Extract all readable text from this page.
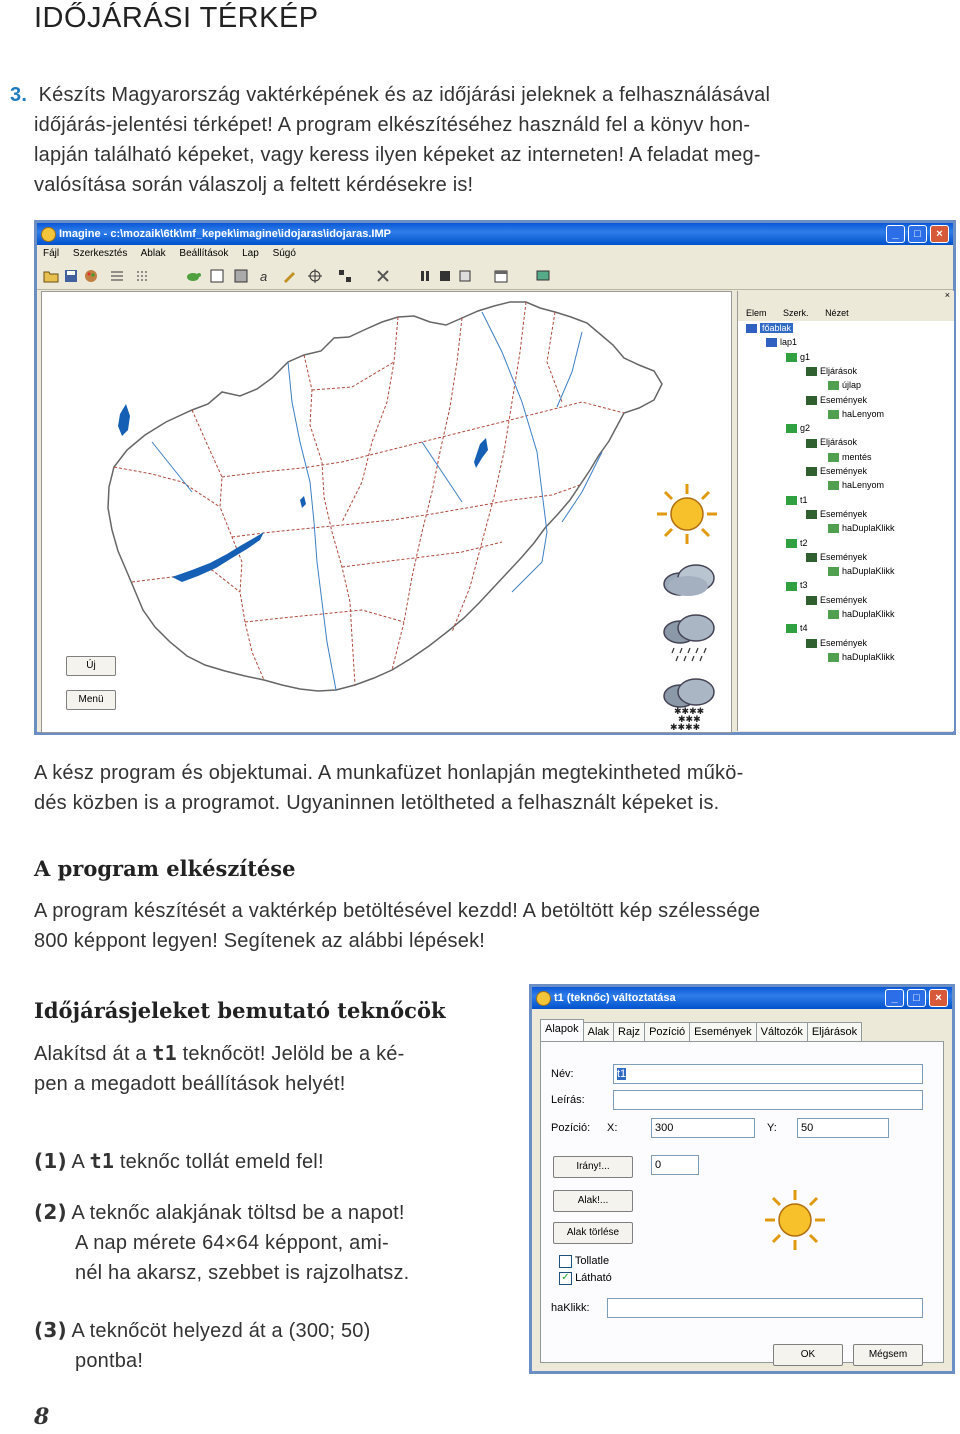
IDŐJÁRÁSI TÉRKÉP
3. Készíts Magyarország vaktérképének és az időjárási jeleknek a felhasználásával
időjárás-jelentési térképet! A program elkészítéséhez használd fel a könyv hon-
lapján található képeket, vagy keress ilyen képeket az interneten! A feladat meg-
valósítása során válaszolj a feltett kérdésekre is!
Imagine - c:\mozaik\6tk\mf_kepek\imagine\idojaras\idojaras.IMP	_	□	×
Fájl Szerkesztés Ablak Beállítások Lap Súgó
a
Új
Menü
✱✱✱✱
✱✱✱
✱✱✱✱
×
Elem Szerk. Nézet
főablak
lap1
g1
Eljárások
újlap
Események
haLenyom
g2
Eljárások
mentés
Események
haLenyom
t1
Események
haDuplaKlikk
t2
Események
haDuplaKlikk
t3
Események
haDuplaKlikk
t4
Események
haDuplaKlikk
A kész program és objektumai. A munkafüzet honlapján megtekintheted műkö-
dés közben is a programot. Ugyaninnen letöltheted a felhasznált képeket is.
A program elkészítése
A program készítését a vaktérkép betöltésével kezdd! A betöltött kép szélessége
800 képpont legyen! Segítenek az alábbi lépések!
Időjárásjeleket bemutató teknőcök
Alakítsd át a t1 teknőcöt! Jelöld be a ké-
pen a megadott beállítások helyét!
(1) A t1 teknőc tollát emeld fel!
(2) A teknőc alakjának töltsd be a napot!
A nap mérete 64×64 képpont, ami-
nél ha akarsz, szebbet is rajzolhatsz.
(3) A teknőcöt helyezd át a (300; 50)
pontba!
8
t1 (teknőc) változtatása	_	□	×
Alapok Alak Rajz Pozíció Események Változók Eljárások
Név:	t1
Leírás:
Pozíció: X:	300	Y:	50
Irány!...	0
Alak!...
Alak törlése
Tollatle
✓ Látható
haKlikk:
OK	Mégsem
